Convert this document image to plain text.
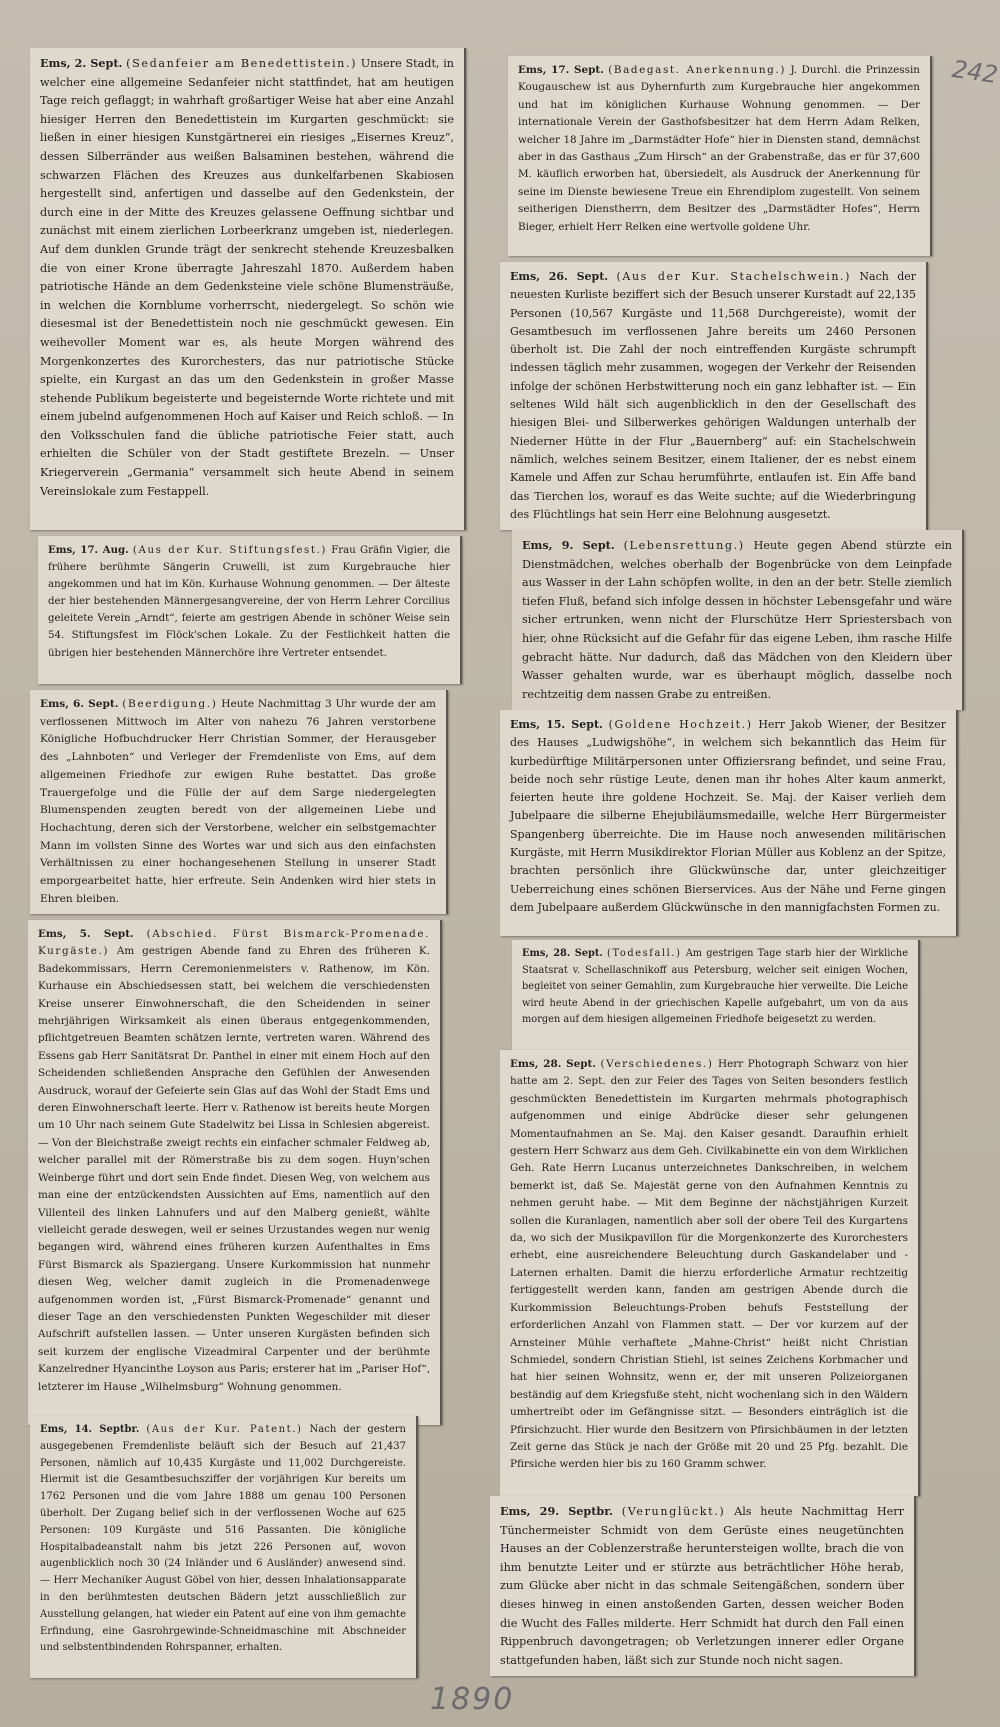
242

Ems, 2. Sept. (Sedanfeier am Benedettistein.) Unsere Stadt, in welcher eine allgemeine Sedanfeier nicht stattfindet, hat am heutigen Tage reich geflaggt; in wahrhaft großartiger Weise hat aber eine Anzahl hiesiger Herren den Benedettistein im Kurgarten geschmückt: sie ließen in einer hiesigen Kunstgärtnerei ein riesiges „Eisernes Kreuz“, dessen Silberränder aus weißen Balsaminen bestehen, während die schwarzen Flächen des Kreuzes aus dunkelfarbenen Skabiosen hergestellt sind, anfertigen und dasselbe auf den Gedenkstein, der durch eine in der Mitte des Kreuzes gelassene Oeffnung sichtbar und zunächst mit einem zierlichen Lorbeerkranz umgeben ist, niederlegen. Auf dem dunklen Grunde trägt der senkrecht stehende Kreuzesbalken die von einer Krone überragte Jahreszahl 1870. Außerdem haben patriotische Hände an dem Gedenksteine viele schöne Blumensträuße, in welchen die Kornblume vorherrscht, niedergelegt. So schön wie diesesmal ist der Benedettistein noch nie geschmückt gewesen. Ein weihevoller Moment war es, als heute Morgen während des Morgenkonzertes des Kurorchesters, das nur patriotische Stücke spielte, ein Kurgast an das um den Gedenkstein in großer Masse stehende Publikum begeisterte und begeisternde Worte richtete und mit einem jubelnd aufgenommenen Hoch auf Kaiser und Reich schloß. — In den Volksschulen fand die übliche patriotische Feier statt, auch erhielten die Schüler von der Stadt gestiftete Brezeln. — Unser Kriegerverein „Germania“ versammelt sich heute Abend in seinem Vereinslokale zum Festappell.

Ems, 17. Aug. (Aus der Kur. Stiftungsfest.) Frau Gräfin Vigier, die frühere berühmte Sängerin Cruwelli, ist zum Kurgebrauche hier angekommen und hat im Kön. Kurhause Wohnung genommen. — Der älteste der hier bestehenden Männergesangvereine, der von Herrn Lehrer Corcilius geleitete Verein „Arndt“, feierte am gestrigen Abende in schöner Weise sein 54. Stiftungsfest im Flöck'schen Lokale. Zu der Festlichkeit hatten die übrigen hier bestehenden Männerchöre ihre Vertreter entsendet.

Ems, 6. Sept. (Beerdigung.) Heute Nachmittag 3 Uhr wurde der am verflossenen Mittwoch im Alter von nahezu 76 Jahren verstorbene Königliche Hofbuchdrucker Herr Christian Sommer, der Herausgeber des „Lahnboten“ und Verleger der Fremdenliste von Ems, auf dem allgemeinen Friedhofe zur ewigen Ruhe bestattet. Das große Trauergefolge und die Fülle der auf dem Sarge niedergelegten Blumenspenden zeugten beredt von der allgemeinen Liebe und Hochachtung, deren sich der Verstorbene, welcher ein selbstgemachter Mann im vollsten Sinne des Wortes war und sich aus den einfachsten Verhältnissen zu einer hochangesehenen Stellung in unserer Stadt emporgearbeitet hatte, hier erfreute. Sein Andenken wird hier stets in Ehren bleiben.

Ems, 5. Sept. (Abschied. Fürst Bismarck-Promenade. Kurgäste.) Am gestrigen Abende fand zu Ehren des früheren K. Badekommissars, Herrn Ceremonienmeisters v. Rathenow, im Kön. Kurhause ein Abschiedsessen statt, bei welchem die verschiedensten Kreise unserer Einwohnerschaft, die den Scheidenden in seiner mehrjährigen Wirksamkeit als einen überaus entgegenkommenden, pflichtgetreuen Beamten schätzen lernte, vertreten waren. Während des Essens gab Herr Sanitätsrat Dr. Panthel in einer mit einem Hoch auf den Scheidenden schließenden Ansprache den Gefühlen der Anwesenden Ausdruck, worauf der Gefeierte sein Glas auf das Wohl der Stadt Ems und deren Einwohnerschaft leerte. Herr v. Rathenow ist bereits heute Morgen um 10 Uhr nach seinem Gute Stadelwitz bei Lissa in Schlesien abgereist. — Von der Bleichstraße zweigt rechts ein einfacher schmaler Feldweg ab, welcher parallel mit der Römerstraße bis zu dem sogen. Huyn'schen Weinberge führt und dort sein Ende findet. Diesen Weg, von welchem aus man eine der entzückendsten Aussichten auf Ems, namentlich auf den Villenteil des linken Lahnufers und auf den Malberg genießt, wählte vielleicht gerade deswegen, weil er seines Urzustandes wegen nur wenig begangen wird, während eines früheren kurzen Aufenthaltes in Ems Fürst Bismarck als Spaziergang. Unsere Kurkommission hat nunmehr diesen Weg, welcher damit zugleich in die Promenadenwege aufgenommen worden ist, „Fürst Bismarck-Promenade“ genannt und dieser Tage an den verschiedensten Punkten Wegeschilder mit dieser Aufschrift aufstellen lassen. — Unter unseren Kurgästen befinden sich seit kurzem der englische Vizeadmiral Carpenter und der berühmte Kanzelredner Hyancinthe Loyson aus Paris; ersterer hat im „Pariser Hof“, letzterer im Hause „Wilhelmsburg“ Wohnung genommen.

Ems, 14. Septbr. (Aus der Kur. Patent.) Nach der gestern ausgegebenen Fremdenliste beläuft sich der Besuch auf 21,437 Personen, nämlich auf 10,435 Kurgäste und 11,002 Durchgereiste. Hiermit ist die Gesamtbesuchsziffer der vorjährigen Kur bereits um 1762 Personen und die vom Jahre 1888 um genau 100 Personen überholt. Der Zugang belief sich in der verflossenen Woche auf 625 Personen: 109 Kurgäste und 516 Passanten. Die königliche Hospitalbadeanstalt nahm bis jetzt 226 Personen auf, wovon augenblicklich noch 30 (24 Inländer und 6 Ausländer) anwesend sind. — Herr Mechaniker August Göbel von hier, dessen Inhalationsapparate in den berühmtesten deutschen Bädern jetzt ausschließlich zur Ausstellung gelangen, hat wieder ein Patent auf eine von ihm gemachte Erfindung, eine Gasrohrgewinde-Schneidmaschine mit Abschneider und selbstentbindenden Rohrspanner, erhalten.

Ems, 17. Sept. (Badegast. Anerkennung.) J. Durchl. die Prinzessin Kougauschew ist aus Dyhernfurth zum Kurgebrauche hier angekommen und hat im königlichen Kurhause Wohnung genommen. — Der internationale Verein der Gasthofsbesitzer hat dem Herrn Adam Relken, welcher 18 Jahre im „Darmstädter Hofe“ hier in Diensten stand, demnächst aber in das Gasthaus „Zum Hirsch“ an der Grabenstraße, das er für 37,600 M. käuflich erworben hat, übersiedelt, als Ausdruck der Anerkennung für seine im Dienste bewiesene Treue ein Ehrendiplom zugestellt. Von seinem seitherigen Dienstherrn, dem Besitzer des „Darmstädter Hofes“, Herrn Bieger, erhielt Herr Relken eine wertvolle goldene Uhr.

Ems, 26. Sept. (Aus der Kur. Stachelschwein.) Nach der neuesten Kurliste beziffert sich der Besuch unserer Kurstadt auf 22,135 Personen (10,567 Kurgäste und 11,568 Durchgereiste), womit der Gesamtbesuch im verflossenen Jahre bereits um 2460 Personen überholt ist. Die Zahl der noch eintreffenden Kurgäste schrumpft indessen täglich mehr zusammen, wogegen der Verkehr der Reisenden infolge der schönen Herbstwitterung noch ein ganz lebhafter ist. — Ein seltenes Wild hält sich augenblicklich in den der Gesellschaft des hiesigen Blei- und Silberwerkes gehörigen Waldungen unterhalb der Niederner Hütte in der Flur „Bauernberg“ auf: ein Stachelschwein nämlich, welches seinem Besitzer, einem Italiener, der es nebst einem Kamele und Affen zur Schau herumführte, entlaufen ist. Ein Affe band das Tierchen los, worauf es das Weite suchte; auf die Wiederbringung des Flüchtlings hat sein Herr eine Belohnung ausgesetzt.

Ems, 9. Sept. (Lebensrettung.) Heute gegen Abend stürzte ein Dienstmädchen, welches oberhalb der Bogenbrücke von dem Leinpfade aus Wasser in der Lahn schöpfen wollte, in den an der betr. Stelle ziemlich tiefen Fluß, befand sich infolge dessen in höchster Lebensgefahr und wäre sicher ertrunken, wenn nicht der Flurschütze Herr Spriestersbach von hier, ohne Rücksicht auf die Gefahr für das eigene Leben, ihm rasche Hilfe gebracht hätte. Nur dadurch, daß das Mädchen von den Kleidern über Wasser gehalten wurde, war es überhaupt möglich, dasselbe noch rechtzeitig dem nassen Grabe zu entreißen.

Ems, 15. Sept. (Goldene Hochzeit.) Herr Jakob Wiener, der Besitzer des Hauses „Ludwigshöhe“, in welchem sich bekanntlich das Heim für kurbedürftige Militärpersonen unter Offiziersrang befindet, und seine Frau, beide noch sehr rüstige Leute, denen man ihr hohes Alter kaum anmerkt, feierten heute ihre goldene Hochzeit. Se. Maj. der Kaiser verlieh dem Jubelpaare die silberne Ehejubiläumsmedaille, welche Herr Bürgermeister Spangenberg überreichte. Die im Hause noch anwesenden militärischen Kurgäste, mit Herrn Musikdirektor Florian Müller aus Koblenz an der Spitze, brachten persönlich ihre Glückwünsche dar, unter gleichzeitiger Ueberreichung eines schönen Bierservices. Aus der Nähe und Ferne gingen dem Jubelpaare außerdem Glückwünsche in den mannigfachsten Formen zu.

Ems, 28. Sept. (Todesfall.) Am gestrigen Tage starb hier der Wirkliche Staatsrat v. Schellaschnikoff aus Petersburg, welcher seit einigen Wochen, begleitet von seiner Gemahlin, zum Kurgebrauche hier verweilte. Die Leiche wird heute Abend in der griechischen Kapelle aufgebahrt, um von da aus morgen auf dem hiesigen allgemeinen Friedhofe beigesetzt zu werden.

Ems, 28. Sept. (Verschiedenes.) Herr Photograph Schwarz von hier hatte am 2. Sept. den zur Feier des Tages von Seiten besonders festlich geschmückten Benedettistein im Kurgarten mehrmals photographisch aufgenommen und einige Abdrücke dieser sehr gelungenen Momentaufnahmen an Se. Maj. den Kaiser gesandt. Daraufhin erhielt gestern Herr Schwarz aus dem Geh. Civilkabinette ein von dem Wirklichen Geh. Rate Herrn Lucanus unterzeichnetes Dankschreiben, in welchem bemerkt ist, daß Se. Majestät gerne von den Aufnahmen Kenntnis zu nehmen geruht habe. — Mit dem Beginne der nächstjährigen Kurzeit sollen die Kuranlagen, namentlich aber soll der obere Teil des Kurgartens da, wo sich der Musikpavillon für die Morgenkonzerte des Kurorchesters erhebt, eine ausreichendere Beleuchtung durch Gaskandelaber und -Laternen erhalten. Damit die hierzu erforderliche Armatur rechtzeitig fertiggestellt werden kann, fanden am gestrigen Abende durch die Kurkommission Beleuchtungs-Proben behufs Feststellung der erforderlichen Anzahl von Flammen statt. — Der vor kurzem auf der Arnsteiner Mühle verhaftete „Mahne-Christ“ heißt nicht Christian Schmiedel, sondern Christian Stiehl, ist seines Zeichens Korbmacher und hat hier seinen Wohnsitz, wenn er, der mit unseren Polizeiorganen beständig auf dem Kriegsfuße steht, nicht wochenlang sich in den Wäldern umhertreibt oder im Gefängnisse sitzt. — Besonders einträglich ist die Pfirsichzucht. Hier wurde den Besitzern von Pfirsichbäumen in der letzten Zeit gerne das Stück je nach der Größe mit 20 und 25 Pfg. bezahlt. Die Pfirsiche werden hier bis zu 160 Gramm schwer.

Ems, 29. Septbr. (Verunglückt.) Als heute Nachmittag Herr Tünchermeister Schmidt von dem Gerüste eines neugetünchten Hauses an der Coblenzerstraße heruntersteigen wollte, brach die von ihm benutzte Leiter und er stürzte aus beträchtlicher Höhe herab, zum Glücke aber nicht in das schmale Seitengäßchen, sondern über dieses hinweg in einen anstoßenden Garten, dessen weicher Boden die Wucht des Falles milderte. Herr Schmidt hat durch den Fall einen Rippenbruch davongetragen; ob Verletzungen innerer edler Organe stattgefunden haben, läßt sich zur Stunde noch nicht sagen.

1890
